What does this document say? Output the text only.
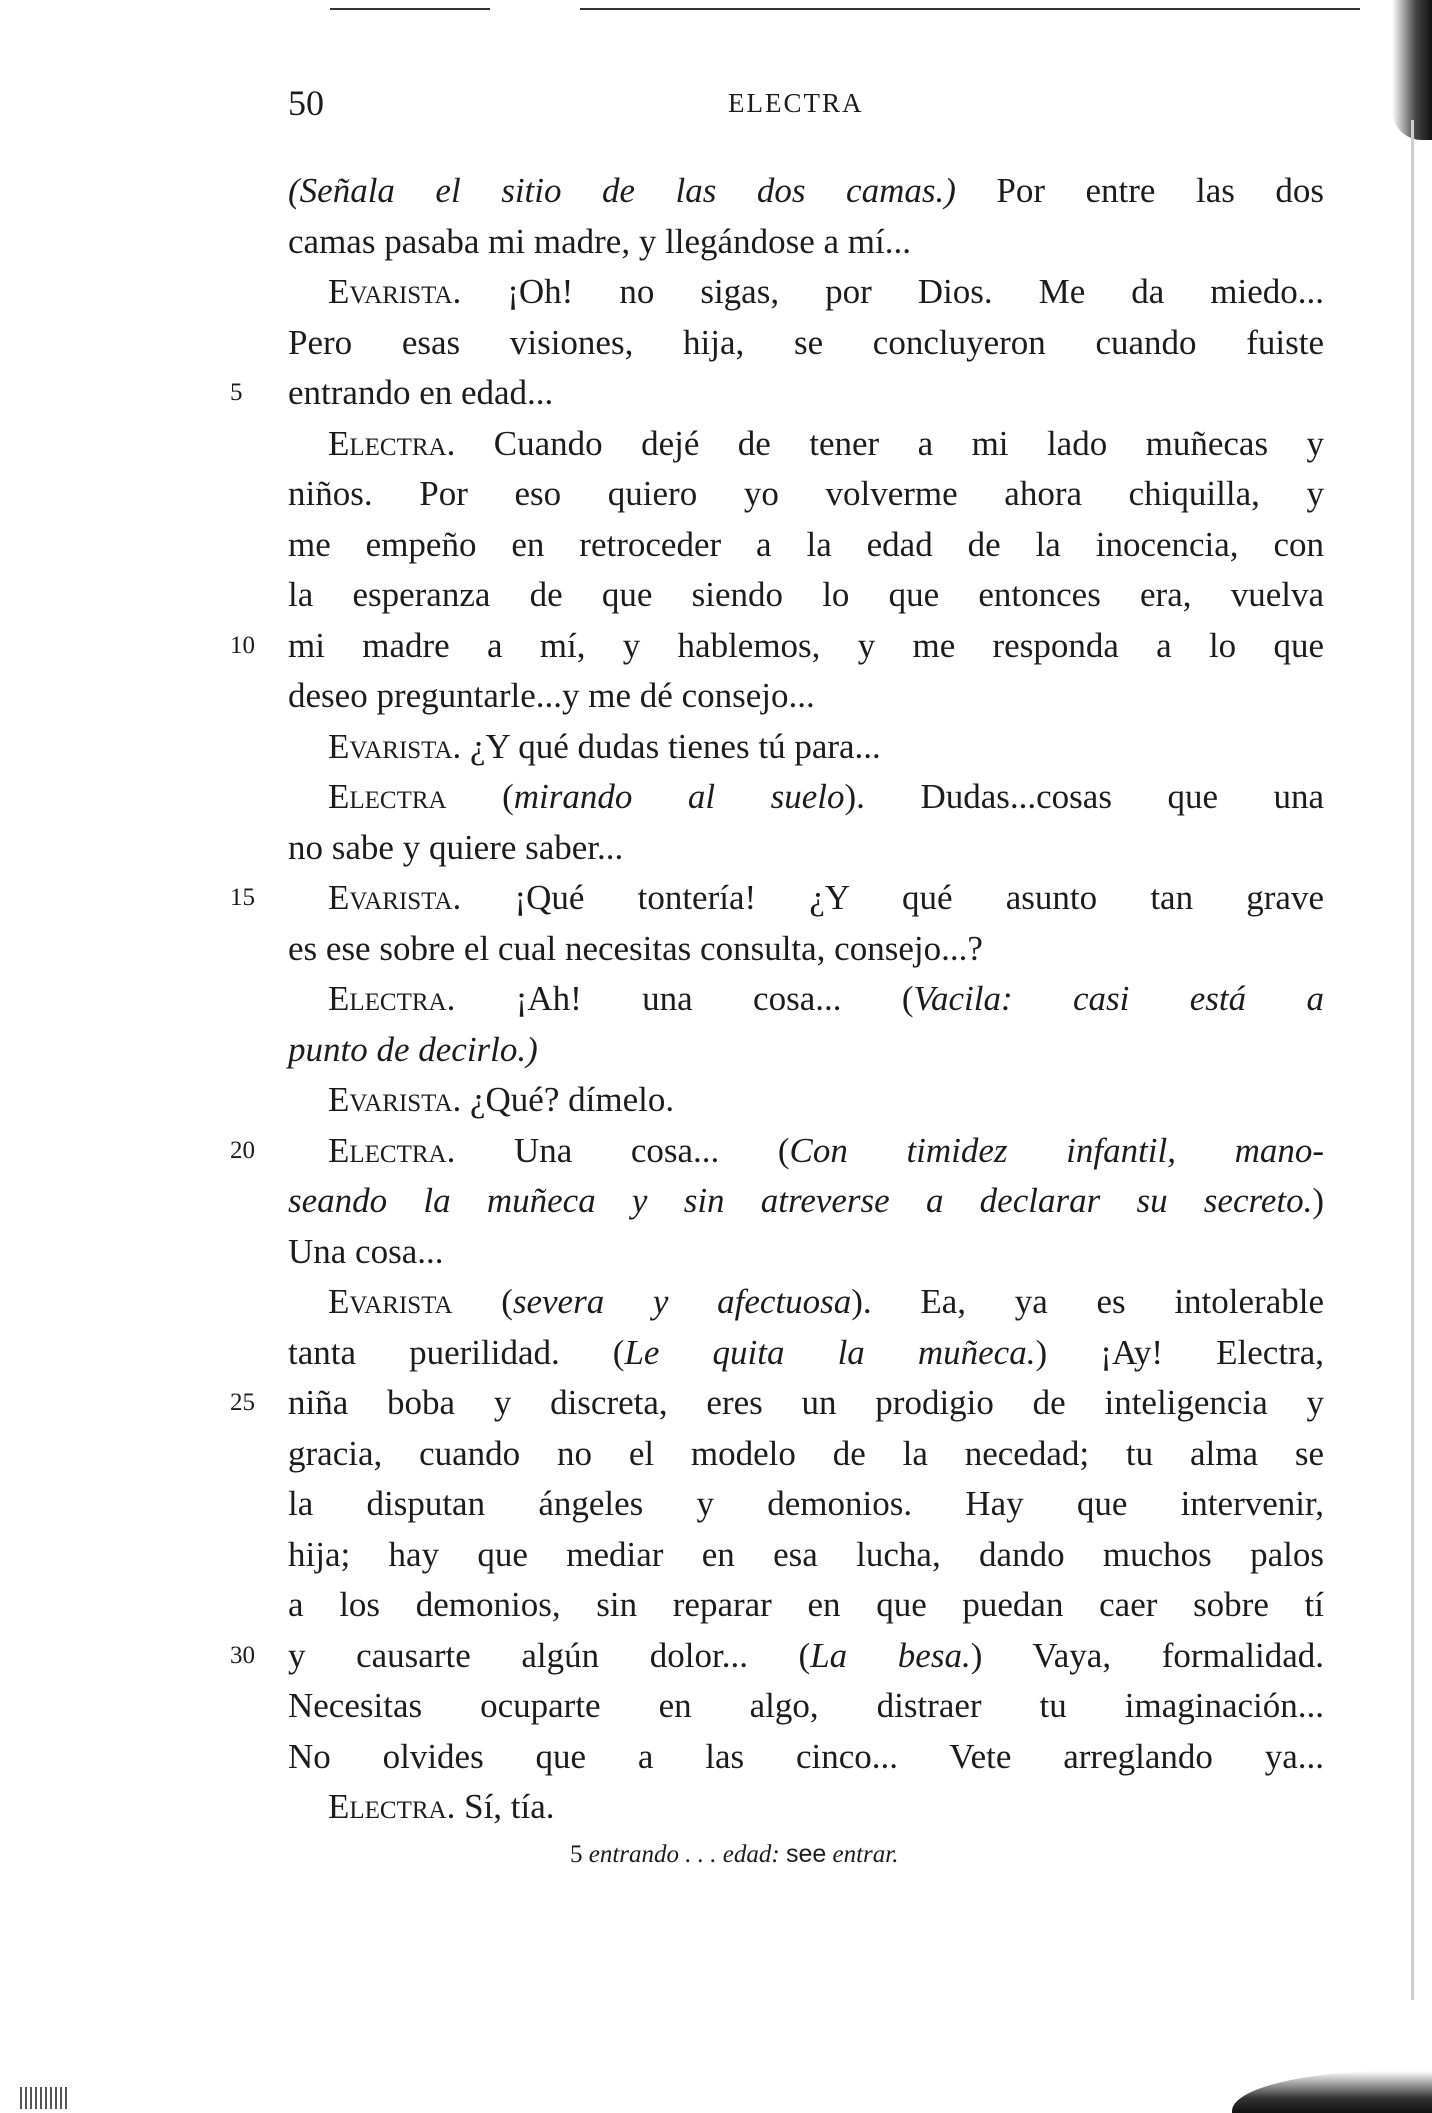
50	ELECTRA
(Señala el sitio de las dos camas.) Por entre las dos
camas pasaba mi madre, y llegándose a mí...
Evarista. ¡Oh! no sigas, por Dios. Me da miedo...
Pero esas visiones, hija, se concluyeron cuando fuiste
5	entrando en edad...
Electra. Cuando dejé de tener a mi lado muñecas y
niños. Por eso quiero yo volverme ahora chiquilla, y
me empeño en retroceder a la edad de la inocencia, con
la esperanza de que siendo lo que entonces era, vuelva
10 mi madre a mí, y hablemos, y me responda a lo que
deseo preguntarle...y me dé consejo...
Evarista. ¿Y qué dudas tienes tú para...
Electra (mirando al suelo). Dudas...cosas que una
no sabe y quiere saber...
15	Evarista. ¡Qué tontería! ¿Y qué asunto tan grave
es ese sobre el cual necesitas consulta, consejo...?
Electra. ¡Ah! una cosa... (Vacila: casi está a
punto de decirlo.)
Evarista. ¿Qué? dímelo.
20	Electra. Una cosa... (Con timidez infantil, mano-
seando la muñeca y sin atreverse a declarar su secreto.)
Una cosa...
Evarista (severa y afectuosa). Ea, ya es intolerable
tanta puerilidad. (Le quita la muñeca.) ¡Ay! Electra,
25 niña boba y discreta, eres un prodigio de inteligencia y
gracia, cuando no el modelo de la necedad; tu alma se
la disputan ángeles y demonios. Hay que intervenir,
hija; hay que mediar en esa lucha, dando muchos palos
a los demonios, sin reparar en que puedan caer sobre tí
30 y causarte algún dolor... (La besa.) Vaya, formalidad.
Necesitas ocuparte en algo, distraer tu imaginación...
No olvides que a las cinco... Vete arreglando ya...
Electra. Sí, tía.
5 entrando . . . edad: see entrar.
